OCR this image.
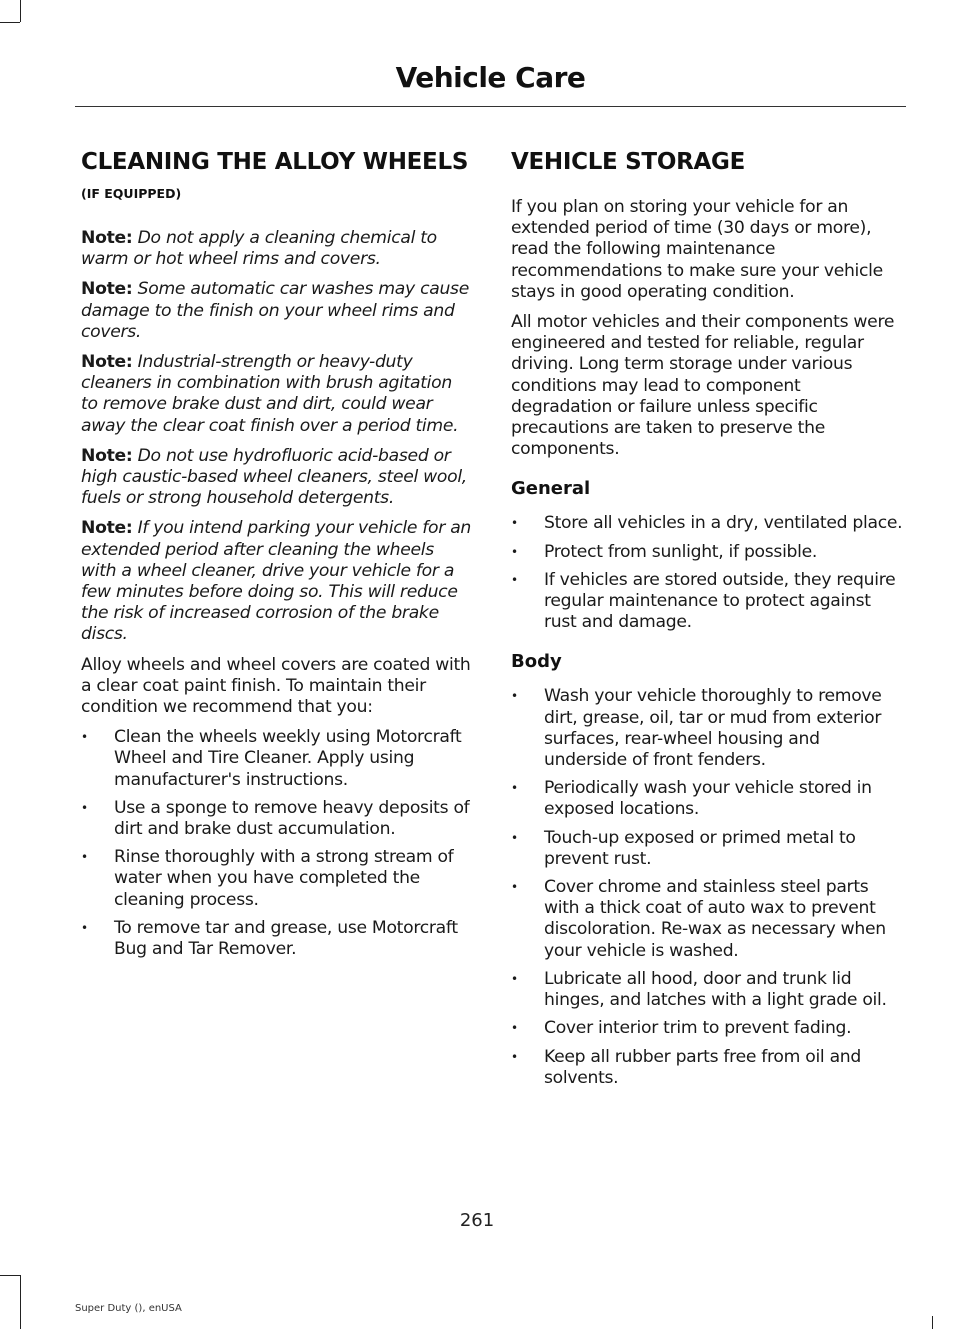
Vehicle Care
CLEANING THE ALLOY WHEELS (IF EQUIPPED)

Note: Do not apply a cleaning chemical to warm or hot wheel rims and covers.

Note: Some automatic car washes may cause damage to the finish on your wheel rims and covers.

Note: Industrial-strength or heavy-duty cleaners in combination with brush agitation to remove brake dust and dirt, could wear away the clear coat finish over a period time.

Note: Do not use hydrofluoric acid-based or high caustic-based wheel cleaners, steel wool, fuels or strong household detergents.

Note: If you intend parking your vehicle for an extended period after cleaning the wheels with a wheel cleaner, drive your vehicle for a few minutes before doing so. This will reduce the risk of increased corrosion of the brake discs.

Alloy wheels and wheel covers are coated with a clear coat paint finish. To maintain their condition we recommend that you:

•	Clean the wheels weekly using Motorcraft Wheel and Tire Cleaner. Apply using manufacturer's instructions.
•	Use a sponge to remove heavy deposits of dirt and brake dust accumulation.
•	Rinse thoroughly with a strong stream of water when you have completed the cleaning process.
•	To remove tar and grease, use Motorcraft Bug and Tar Remover.
VEHICLE STORAGE

If you plan on storing your vehicle for an extended period of time (30 days or more), read the following maintenance recommendations to make sure your vehicle stays in good operating condition.

All motor vehicles and their components were engineered and tested for reliable, regular driving. Long term storage under various conditions may lead to component degradation or failure unless specific precautions are taken to preserve the components.

General
•	Store all vehicles in a dry, ventilated place.
•	Protect from sunlight, if possible.
•	If vehicles are stored outside, they require regular maintenance to protect against rust and damage.
Body
•	Wash your vehicle thoroughly to remove dirt, grease, oil, tar or mud from exterior surfaces, rear-wheel housing and underside of front fenders.
•	Periodically wash your vehicle stored in exposed locations.
•	Touch-up exposed or primed metal to prevent rust.
•	Cover chrome and stainless steel parts with a thick coat of auto wax to prevent discoloration. Re-wax as necessary when your vehicle is washed.
•	Lubricate all hood, door and trunk lid hinges, and latches with a light grade oil.
•	Cover interior trim to prevent fading.
•	Keep all rubber parts free from oil and solvents.
261
Super Duty (), enUSA
